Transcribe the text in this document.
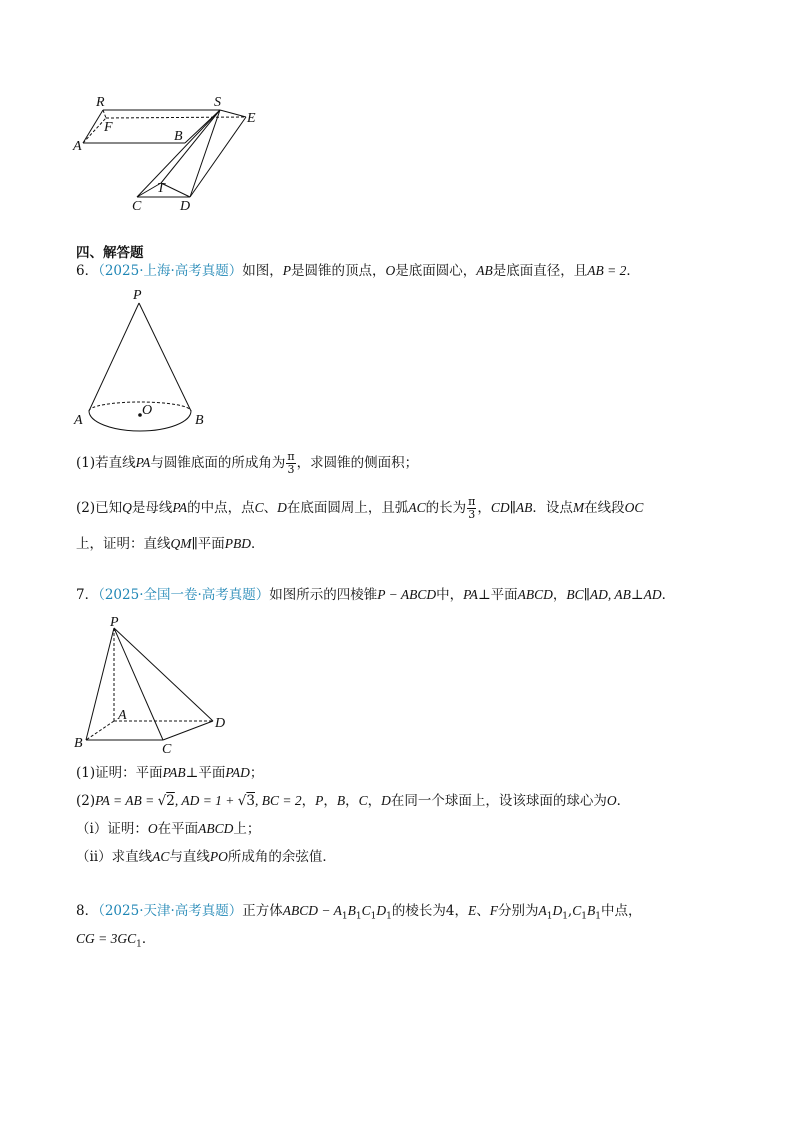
R	S
E
F
A
B
T
C	D
四、解答题
6．（2025·上海·高考真题）如图，P是圆锥的顶点，O是底面圆心，AB是底面直径，且AB = 2．
P
A
O
B
(1)若直线PA与圆锥底面的所成角为 $\frac{\pi}{3}$ ，求圆锥的侧面积；
(2)已知Q是母线PA的中点，点C、D在底面圆周上，且弧AC的长为 $\frac{\pi}{3}$ ，CD∥AB．设点M在线段OC
上，证明：直线QM∥平面PBD．
7．（2025·全国一卷·高考真题）如图所示的四棱锥P − ABCD中，PA⊥平面ABCD，BC∥AD, AB⊥AD．
P
A
D
B	C
(1)证明：平面PAB⊥平面PAD；
(2)PA = AB = √2, AD = 1 + √3, BC = 2，P，B，C，D在同一个球面上，设该球面的球心为O．
（i）证明：O在平面ABCD上；
（ⅱ）求直线AC与直线PO所成角的余弦值．
8．（2025·天津·高考真题）正方体ABCD − $A_1B_1C_1D_1$的棱长为4，E、F分别为$A_1D_1,C_1B_1$中点，
CG = $3GC_1$．
